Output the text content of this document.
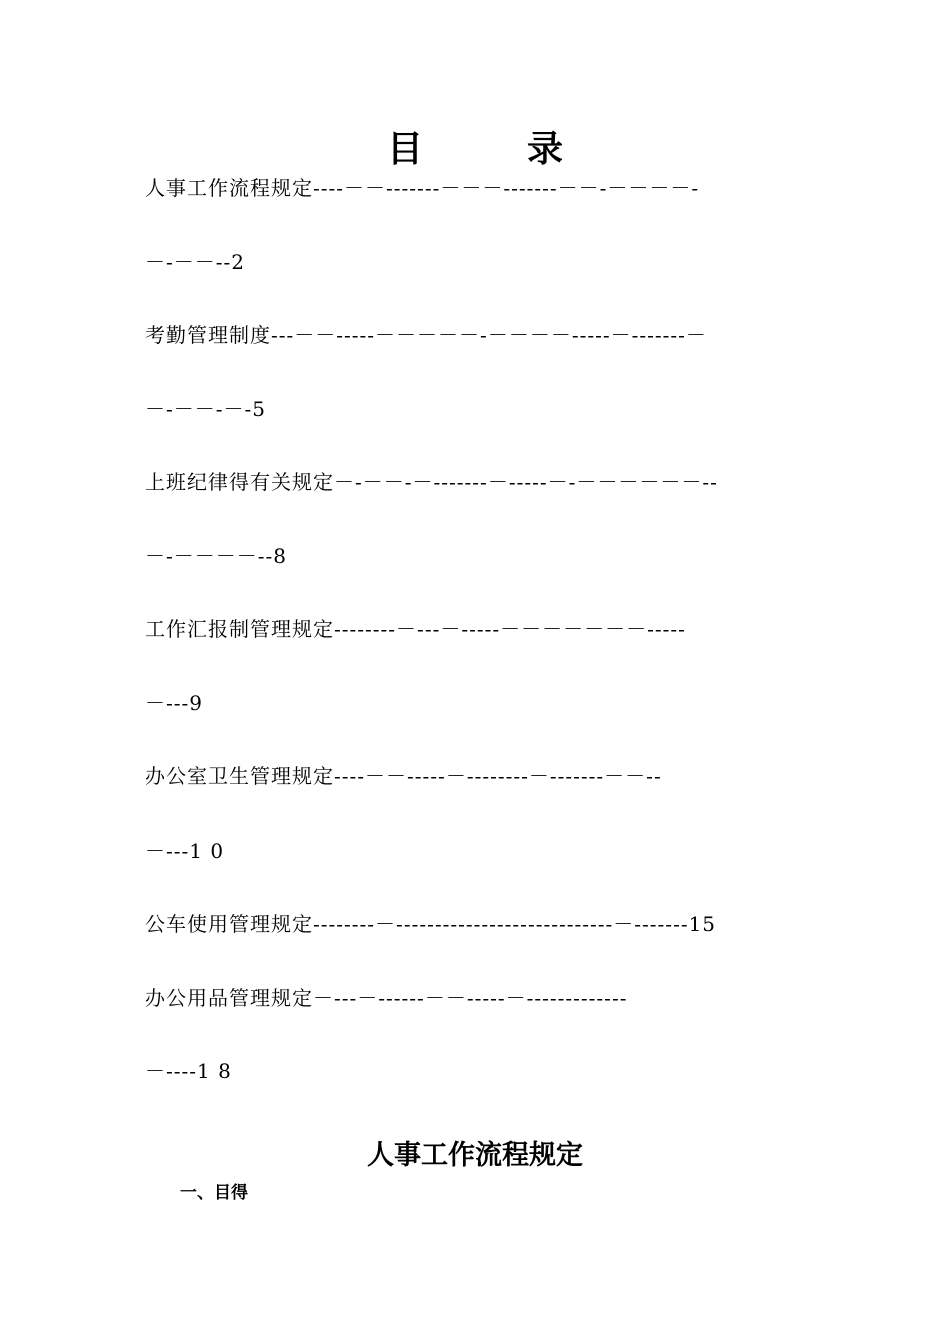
目　录
人事工作流程规定----－－-------－－－-------－－-－－－－-
－-－－--2
考勤管理制度---－－-----－－－－－-－－－－-----－-------－
－-－－-－-5
上班纪律得有关规定－-－－-－-------－-----－-－－－－－－--
－-－－－－--8
工作汇报制管理规定--------－---－-----－－－－－－－-----
－---9
办公室卫生管理规定----－－-----－--------－-------－－--
－---1 0
公车使用管理规定--------－----------------------------－-------15
办公用品管理规定－---－------－－-----－-------------
－----1 8
人事工作流程规定
一、目得
